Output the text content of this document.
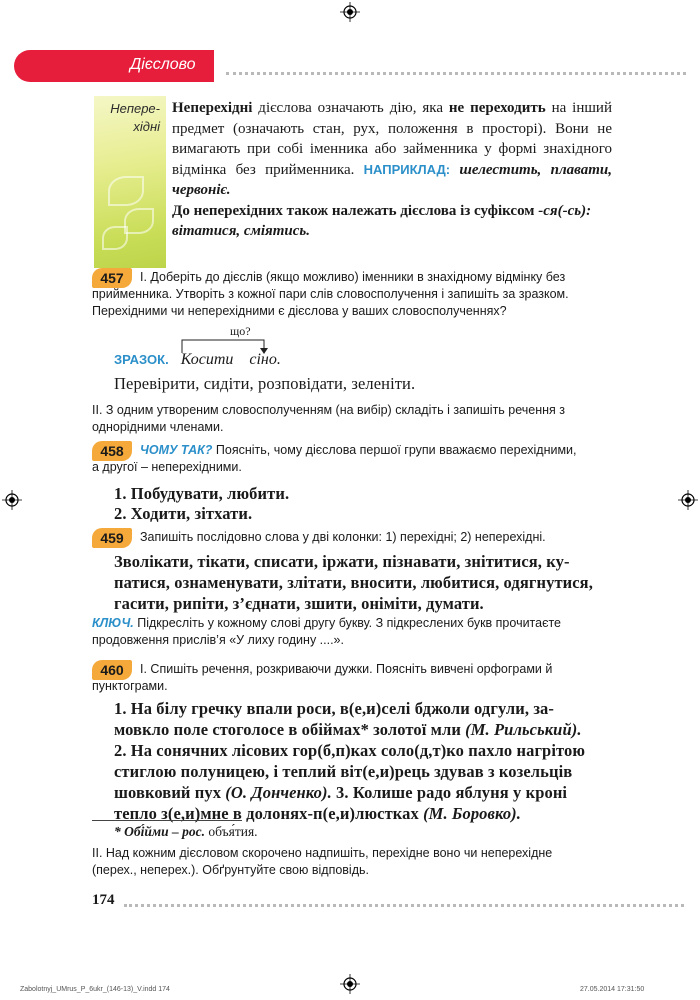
Дієслово
Непере-
хідні

Неперехідні дієслова означають дію, яка не переходить на інший предмет (означають стан, рух, положення в просторі). Вони не вимагають при собі іменника або займенника у формі знахідного відмінка без прийменника. НАПРИКЛАД: шелестить, плавати, червоніє.

До неперехідних також належать дієслова із суфіксом -ся(-сь): вітатися, сміятись.

457	І. Доберіть до дієслів (якщо можливо) іменники в знахідному відмінку без
прийменника. Утворіть з кожної пари слів словосполучення і запишіть за зразком.
Перехідними чи неперехідними є дієслова у ваших словосполученнях?
що?
ЗРАЗОК. Косити сіно.
Перевірити, сидіти, розповідати, зеленіти.
ІІ. З одним утвореним словосполученням (на вибір) складіть і запишіть речення з
однорідними членами.
458	ЧОМУ ТАК? Поясніть, чому дієслова першої групи вважаємо перехідними,
а другої – неперехідними.
1. Побудувати, любити.
2. Ходити, зітхати.
459	Запишіть послідовно слова у дві колонки: 1) перехідні; 2) неперехідні.
Зволікати, тікати, списати, іржати, пізнавати, знітитися, ку-
патися, ознаменувати, злітати, вносити, любитися, одягнутися,
гасити, рипіти, з’єднати, зшити, оніміти, думати.
КЛЮЧ. Підкресліть у кожному слові другу букву. З підкреслених букв прочитаєте
продовження прислів’я «У лиху годину ....».
460	І. Спишіть речення, розкриваючи дужки. Поясніть вивчені орфограми й
пунктограми.
1. На білу гречку впали роси, в(е,и)селі бджоли одгули, за-
мовкло поле стоголосе в обіймах* золотої мли (М. Рильський).
2. На сонячних лісових гор(б,п)ках соло(д,т)ко пахло нагрітою
стиглою полуницею, і теплий віт(е,и)рець здував з козельців
шовковий пух (О. Донченко). 3. Колише радо яблуня у кроні
тепло з(е,и)мне в долонях-п(е,и)люстках (М. Боровко).
* Обі́йми – рос. объя́тия.
ІІ. Над кожним дієсловом скорочено надпишіть, перехідне воно чи неперехідне
(перех., неперех.). Обґрунтуйте свою відповідь.
174
Zabolotnyj_UMrus_P_6ukr_(146-13)_V.indd 174	27.05.2014 17:31:50
